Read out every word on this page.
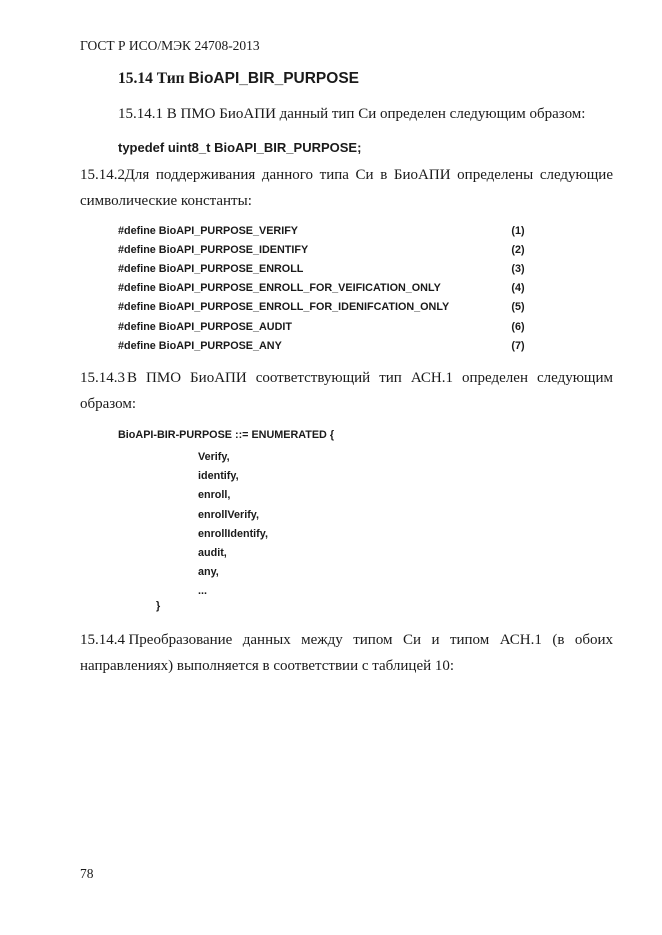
ГОСТ Р ИСО/МЭК 24708-2013
15.14 Тип BioAPI_BIR_PURPOSE
15.14.1 В ПМО БиоАПИ данный тип Си определен следующим образом:
typedef uint8_t BioAPI_BIR_PURPOSE;
15.14.2 Для поддерживания данного типа Си в БиоАПИ определены следующие символические константы:
#define BioAPI_PURPOSE_VERIFY	(1)
#define BioAPI_PURPOSE_IDENTIFY	(2)
#define BioAPI_PURPOSE_ENROLL	(3)
#define BioAPI_PURPOSE_ENROLL_FOR_VEIFICATION_ONLY	(4)
#define BioAPI_PURPOSE_ENROLL_FOR_IDENIFCATION_ONLY	(5)
#define BioAPI_PURPOSE_AUDIT	(6)
#define BioAPI_PURPOSE_ANY	(7)
15.14.3 В ПМО БиоАПИ соответствующий тип АСН.1 определен следующим образом:
BioAPI-BIR-PURPOSE ::= ENUMERATED {
Verify,
identify,
enroll,
enrollVerify,
enrollIdentify,
audit,
any,
...
}
15.14.4 Преобразование данных между типом Си и типом АСН.1 (в обоих направлениях) выполняется в соответствии с таблицей 10:
78
